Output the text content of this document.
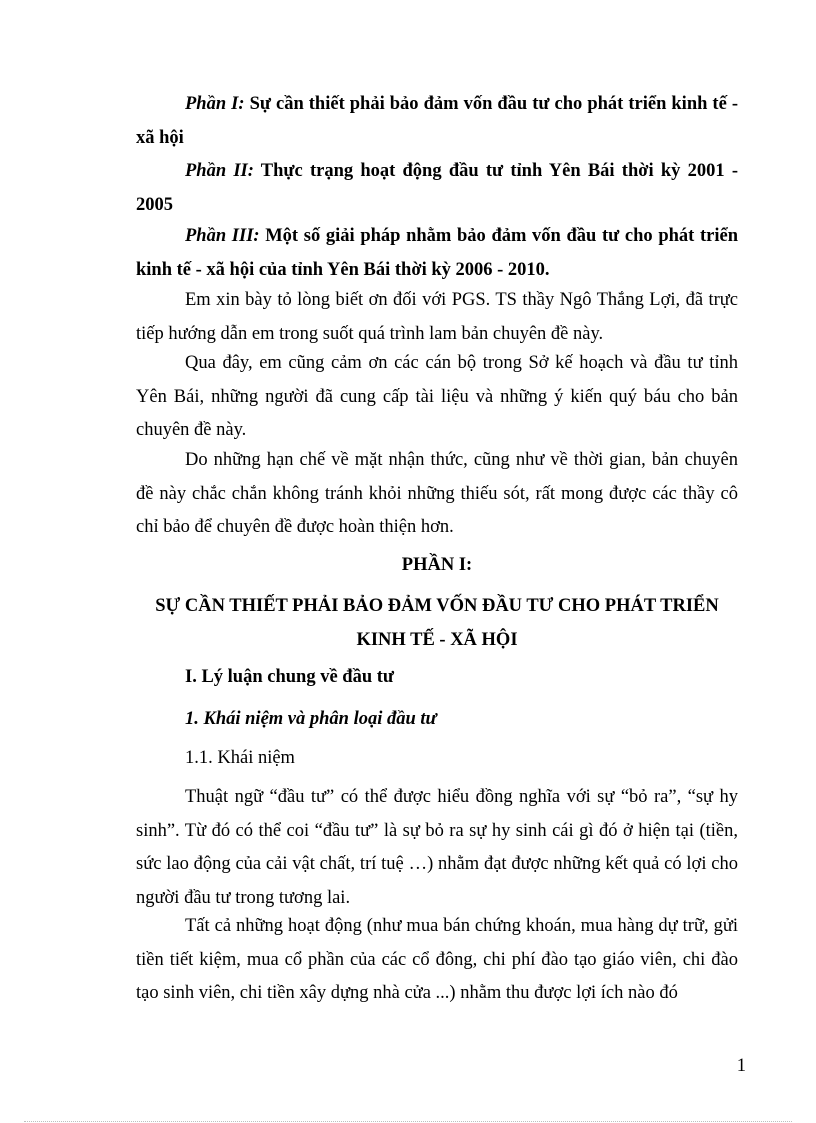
Phần I: Sự cần thiết phải bảo đảm vốn đầu tư cho phát triển kinh tế - xã hội

Phần II: Thực trạng hoạt động đầu tư tỉnh Yên Bái thời kỳ 2001 - 2005

Phần III: Một số giải pháp nhằm bảo đảm vốn đầu tư cho phát triển kinh tế - xã hội của tỉnh Yên Bái thời kỳ 2006 - 2010.

Em xin bày tỏ lòng biết ơn đối với PGS. TS thầy Ngô Thắng Lợi, đã trực tiếp hướng dẫn em trong suốt quá trình lam bản chuyên đề này.

Qua đây, em cũng cảm ơn các cán bộ trong Sở kế hoạch và đầu tư tỉnh Yên Bái, những người đã cung cấp tài liệu và những ý kiến quý báu cho bản chuyên đề này.

Do những hạn chế về mặt nhận thức, cũng như về thời gian, bản chuyên đề này chắc chắn không tránh khỏi những thiếu sót, rất mong được các thầy cô chỉ bảo để chuyên đề được hoàn thiện hơn.

PHẦN I:

SỰ CẦN THIẾT PHẢI BẢO ĐẢM VỐN ĐẦU TƯ CHO PHÁT TRIỂN KINH TẾ - XÃ HỘI

I. Lý luận chung về đầu tư

1. Khái niệm và phân loại đầu tư

1.1. Khái niệm

Thuật ngữ “đầu tư” có thể được hiểu đồng nghĩa với sự “bỏ ra”, “sự hy sinh”. Từ đó có thể coi “đầu tư” là sự bỏ ra sự hy sinh cái gì đó ở hiện tại (tiền, sức lao động của cải vật chất, trí tuệ …) nhằm đạt được những kết quả có lợi cho người đầu tư trong tương lai.

Tất cả những hoạt động (như mua bán chứng khoán, mua hàng dự trữ, gửi tiền tiết kiệm, mua cổ phần của các cổ đông, chi phí đào tạo giáo viên, chi đào tạo sinh viên, chi tiền xây dựng nhà cửa ...) nhằm thu được lợi ích nào đó

1
